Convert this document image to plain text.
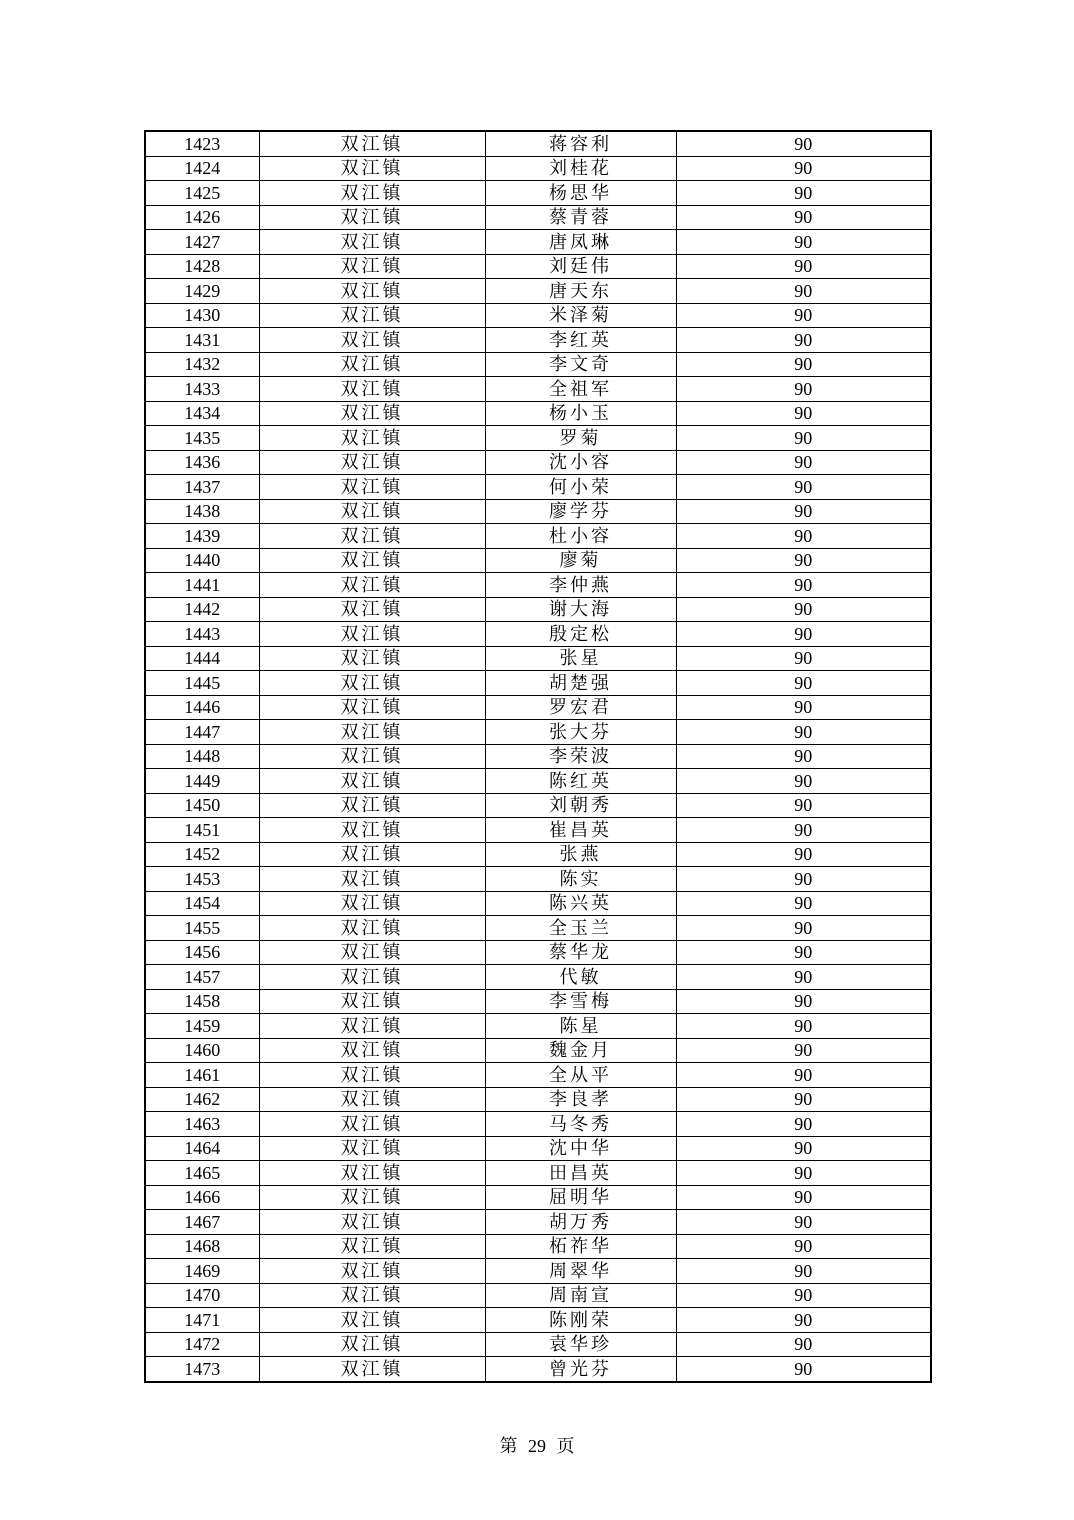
1423	双江镇	蒋容利	90
1424	双江镇	刘桂花	90
1425	双江镇	杨思华	90
1426	双江镇	蔡青蓉	90
1427	双江镇	唐凤琳	90
1428	双江镇	刘廷伟	90
1429	双江镇	唐天东	90
1430	双江镇	米泽菊	90
1431	双江镇	李红英	90
1432	双江镇	李文奇	90
1433	双江镇	全祖军	90
1434	双江镇	杨小玉	90
1435	双江镇	罗菊	90
1436	双江镇	沈小容	90
1437	双江镇	何小荣	90
1438	双江镇	廖学芬	90
1439	双江镇	杜小容	90
1440	双江镇	廖菊	90
1441	双江镇	李仲燕	90
1442	双江镇	谢大海	90
1443	双江镇	殷定松	90
1444	双江镇	张星	90
1445	双江镇	胡楚强	90
1446	双江镇	罗宏君	90
1447	双江镇	张大芬	90
1448	双江镇	李荣波	90
1449	双江镇	陈红英	90
1450	双江镇	刘朝秀	90
1451	双江镇	崔昌英	90
1452	双江镇	张燕	90
1453	双江镇	陈实	90
1454	双江镇	陈兴英	90
1455	双江镇	全玉兰	90
1456	双江镇	蔡华龙	90
1457	双江镇	代敏	90
1458	双江镇	李雪梅	90
1459	双江镇	陈星	90
1460	双江镇	魏金月	90
1461	双江镇	全从平	90
1462	双江镇	李良孝	90
1463	双江镇	马冬秀	90
1464	双江镇	沈中华	90
1465	双江镇	田昌英	90
1466	双江镇	屈明华	90
1467	双江镇	胡万秀	90
1468	双江镇	柘祚华	90
1469	双江镇	周翠华	90
1470	双江镇	周南宣	90
1471	双江镇	陈刚荣	90
1472	双江镇	袁华珍	90
1473	双江镇	曾光芬	90
第 29 页
